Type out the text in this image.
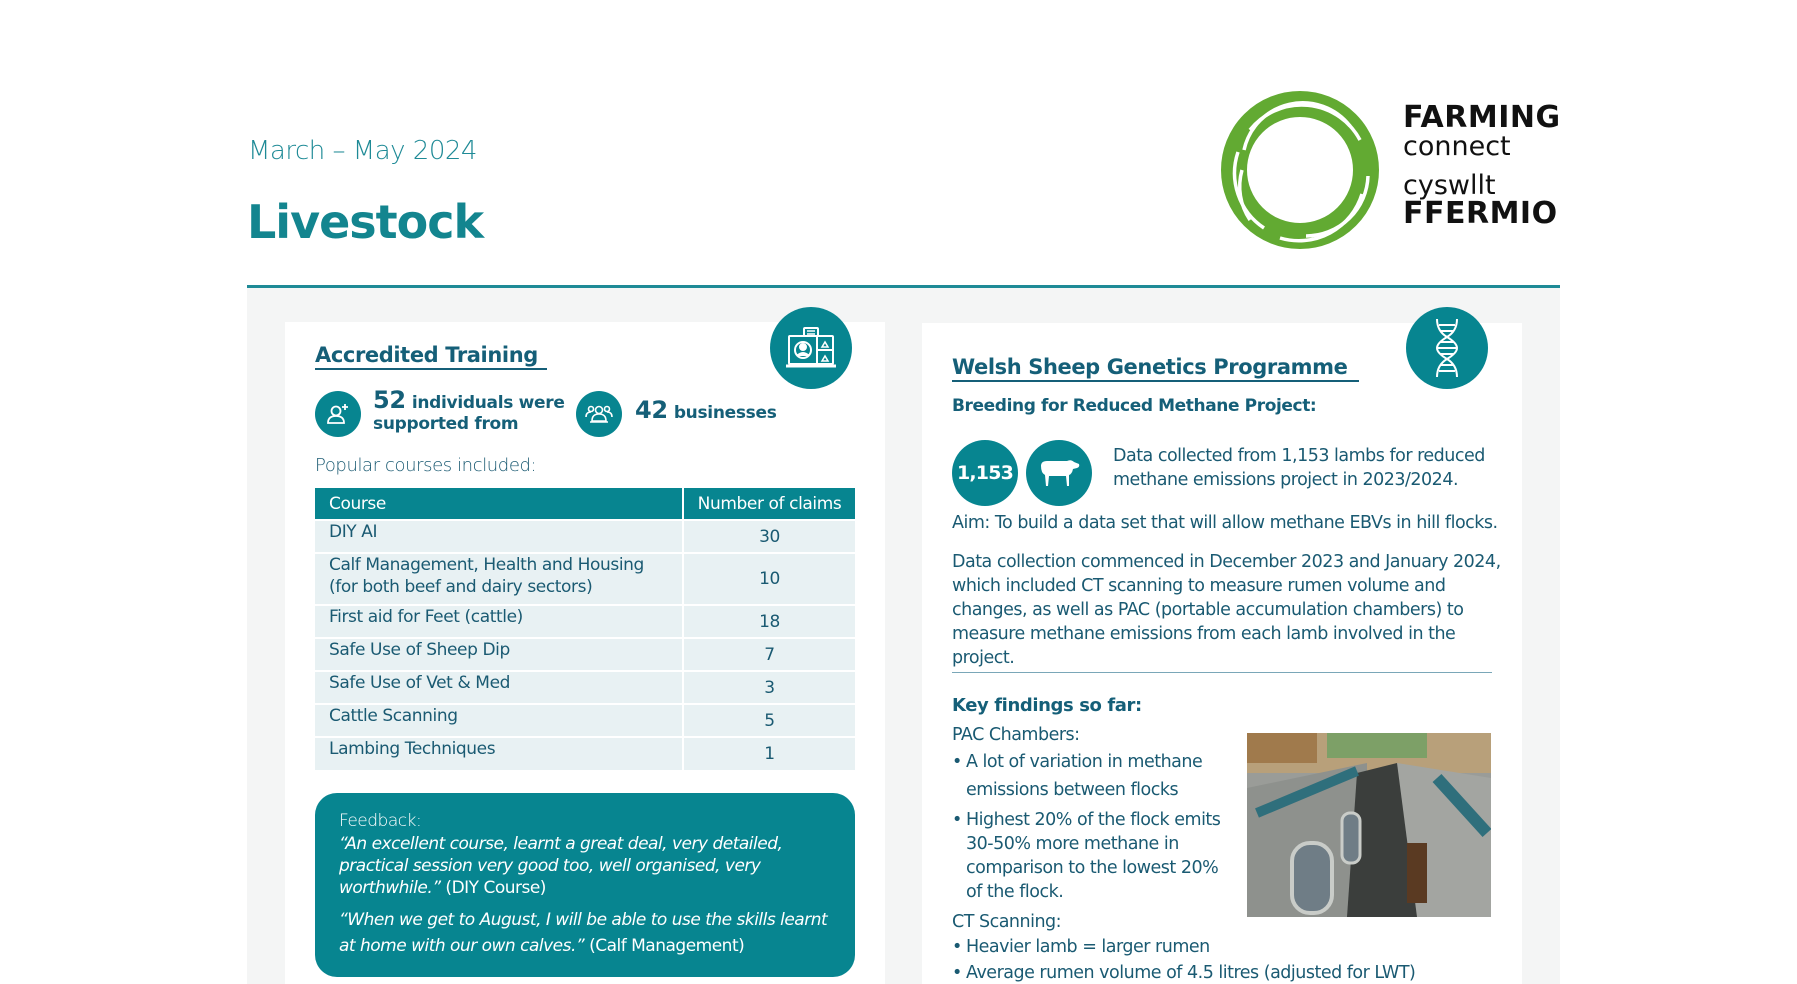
March – May 2024
Livestock
FARMING
connect
cyswllt
FFERMIO
Accredited Training
52 individuals were
supported from	42 businesses
Popular courses included:
Course	Number of claims
DIY AI	30
Calf Management, Health and Housing
(for both beef and dairy sectors)	10
First aid for Feet (cattle)	18
Safe Use of Sheep Dip	7
Safe Use of Vet & Med	3
Cattle Scanning	5
Lambing Techniques	1
Feedback:

“An excellent course, learnt a great deal, very detailed, practical session very good too, well organised, very worthwhile.” (DIY Course)

“When we get to August, I will be able to use the skills learnt at home with our own calves.” (Calf Management)

Welsh Sheep Genetics Programme
Breeding for Reduced Methane Project:
1,153
Data collected from 1,153 lambs for reduced methane emissions project in 2023/2024.
Aim: To build a data set that will allow methane EBVs in hill flocks.
Data collection commenced in December 2023 and January 2024, which included CT scanning to measure rumen volume and changes, as well as PAC (portable accumulation chambers) to measure methane emissions from each lamb involved in the project.
Key findings so far:
PAC Chambers:
• A lot of variation in methane emissions between flocks
• Highest 20% of the flock emits 30-50% more methane in comparison to the lowest 20% of the flock.
CT Scanning:
• Heavier lamb = larger rumen
• Average rumen volume of 4.5 litres (adjusted for LWT)
